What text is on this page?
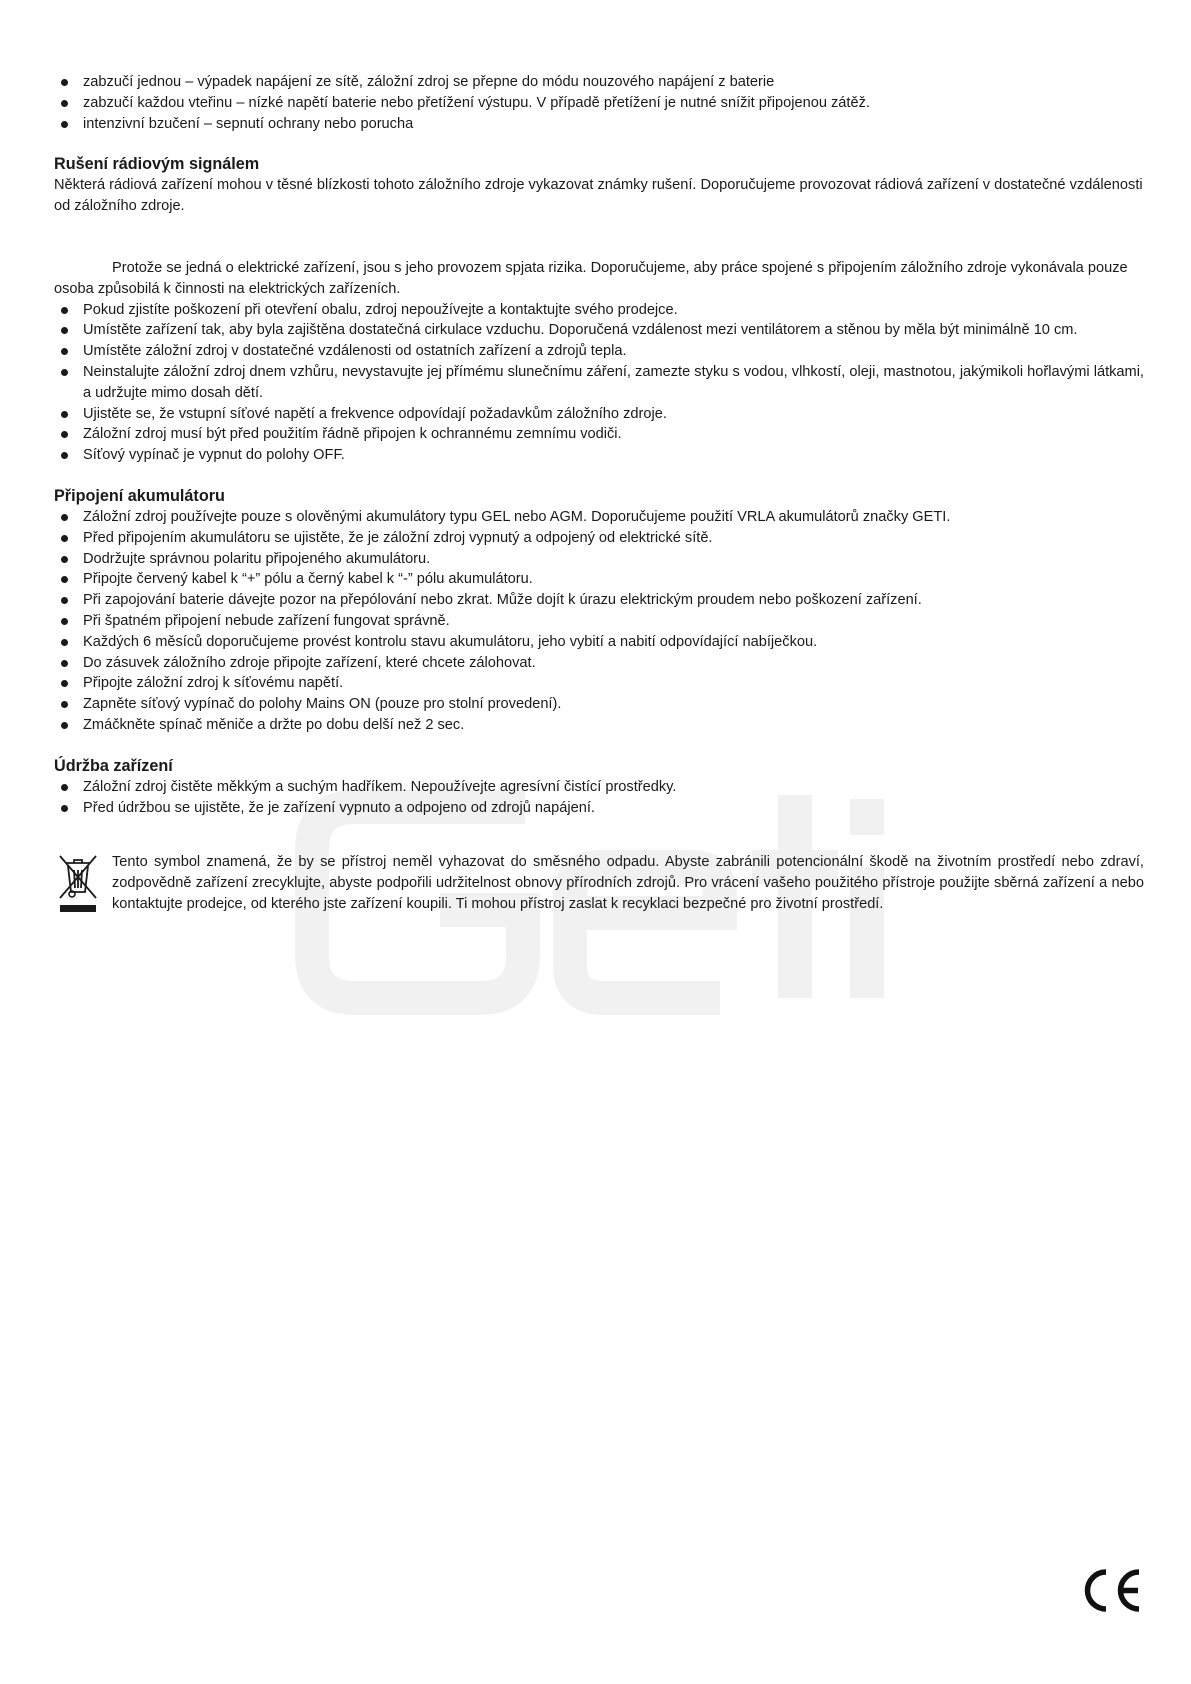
zabzučí jednou – výpadek napájení ze sítě, záložní zdroj se přepne do módu nouzového napájení z baterie
zabzučí každou vteřinu – nízké napětí baterie nebo přetížení výstupu. V případě přetížení je nutné snížit připojenou zátěž.
intenzivní bzučení – sepnutí ochrany nebo porucha
Rušení rádiovým signálem

Některá rádiová zařízení mohou v těsné blízkosti tohoto záložního zdroje vykazovat známky rušení. Doporučujeme provozovat rádiová zařízení v dostatečné vzdálenosti od záložního zdroje.

Protože se jedná o elektrické zařízení, jsou s jeho provozem spjata rizika. Doporučujeme, aby práce spojené s připojením záložního zdroje vykonávala pouze osoba způsobilá k činnosti na elektrických zařízeních.

Pokud zjistíte poškození při otevření obalu, zdroj nepoužívejte a kontaktujte svého prodejce.
Umístěte zařízení tak, aby byla zajištěna dostatečná cirkulace vzduchu. Doporučená vzdálenost mezi ventilátorem a stěnou by měla být minimálně 10 cm.
Umístěte záložní zdroj v dostatečné vzdálenosti od ostatních zařízení a zdrojů tepla.
Neinstalujte záložní zdroj dnem vzhůru, nevystavujte jej přímému slunečnímu záření, zamezte styku s vodou, vlhkostí, oleji, mastnotou, jakýmikoli hořlavými látkami, a udržujte mimo dosah dětí.
Ujistěte se, že vstupní síťové napětí a frekvence odpovídají požadavkům záložního zdroje.
Záložní zdroj musí být před použitím řádně připojen k ochrannému zemnímu vodiči.
Síťový vypínač je vypnut do polohy OFF.
Připojení akumulátoru
Záložní zdroj používejte pouze s olověnými akumulátory typu GEL nebo AGM. Doporučujeme použití VRLA akumulátorů značky GETI.
Před připojením akumulátoru se ujistěte, že je záložní zdroj vypnutý a odpojený od elektrické sítě.
Dodržujte správnou polaritu připojeného akumulátoru.
Připojte červený kabel k “+” pólu a černý kabel k “-” pólu akumulátoru.
Při zapojování baterie dávejte pozor na přepólování nebo zkrat. Může dojít k úrazu elektrickým proudem nebo poškození zařízení.
Při špatném připojení nebude zařízení fungovat správně.
Každých 6 měsíců doporučujeme provést kontrolu stavu akumulátoru, jeho vybití a nabití odpovídající nabíječkou.
Do zásuvek záložního zdroje připojte zařízení, které chcete zálohovat.
Připojte záložní zdroj k síťovému napětí.
Zapněte síťový vypínač do polohy Mains ON (pouze pro stolní provedení).
Zmáčkněte spínač měniče a držte po dobu delší než 2 sec.
Údržba zařízení
Záložní zdroj čistěte měkkým a suchým hadříkem. Nepoužívejte agresívní čistící prostředky.
Před údržbou se ujistěte, že je zařízení vypnuto a odpojeno od zdrojů napájení.

Tento symbol znamená, že by se přístroj neměl vyhazovat do směsného odpadu. Abyste zabránili potencionální škodě na životním prostředí nebo zdraví, zodpovědně zařízení zrecyklujte, abyste podpořili udržitelnost obnovy přírodních zdrojů. Pro vrácení vašeho použitého přístroje použijte sběrná zařízení a nebo kontaktujte prodejce, od kterého jste zařízení koupili. Ti mohou přístroj zaslat k recyklaci bezpečné pro životní prostředí.
